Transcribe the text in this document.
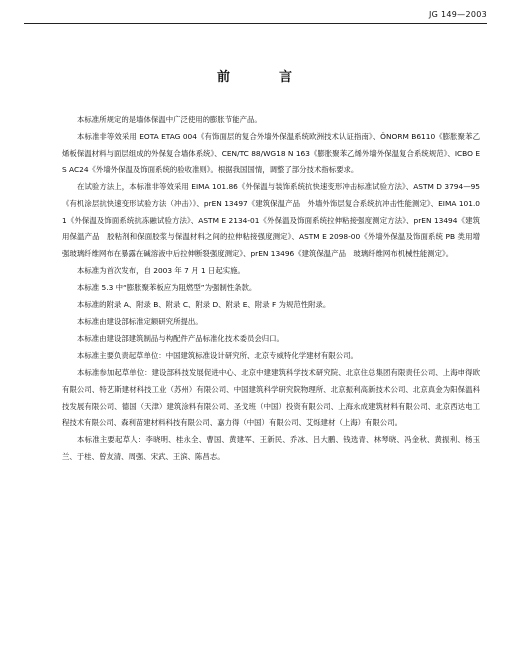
JG 149—2003
前　言

本标准所规定的是墙体保温中广泛使用的膨胀节能产品。

本标准非等效采用 EOTA ETAG 004《有饰面层的复合外墙外保温系统欧洲技术认证指南》、ÖNORM B6110《膨胀聚苯乙烯板保温材料与面层组成的外保复合墙体系统》、CEN/TC 88/WG18 N 163《膨胀聚苯乙烯外墙外保温复合系统规范》、ICBO ES AC24《外墙外保温及饰面系统的验收准则》。根据我国国情，调整了部分技术指标要求。

在试验方法上，本标准非等效采用 EIMA 101.86《外保温与装饰系统抗快速变形冲击标准试验方法》、ASTM D 3794—95《有机涂层抗快速变形试验方法（冲击）》、prEN 13497《建筑保温产品　外墙外饰层复合系统抗冲击性能测定》、EIMA 101.01《外保温及饰面系统抗冻融试验方法》、ASTM E 2134-01《外保温及饰面系统拉伸粘接强度测定方法》、prEN 13494《建筑用保温产品　胶粘剂和保面胶浆与保温材料之间的拉伸粘接强度测定》、ASTM E 2098-00《外墙外保温及饰面系统 PB 类用增强玻璃纤维网布在暴露在碱溶液中后拉伸断裂强度测定》、prEN 13496《建筑保温产品　玻璃纤维网布机械性能测定》。

本标准为首次发布，自 2003 年 7 月 1 日起实施。

本标准 5.3 中“膨胀聚苯板应为阻燃型”为强制性条款。

本标准的附录 A、附录 B、附录 C、附录 D、附录 E、附录 F 为规范性附录。

本标准由建设部标准定额研究所提出。

本标准由建设部建筑制品与构配件产品标准化技术委员会归口。

本标准主要负责起草单位：中国建筑标准设计研究所、北京专威特化学建材有限公司。

本标准参加起草单位：建设部科技发展促进中心、北京中建建筑科学技术研究院、北京住总集团有限责任公司、上海申得欧有限公司、特艺斯建材科技工业（苏州）有限公司、中国建筑科学研究院物理所、北京振利高新技术公司、北京真金为阳保温科技发展有限公司、德国（天津）建筑涂料有限公司、圣戈班（中国）投资有限公司、上海永成建筑材料有限公司、北京西达电工程技术有限公司、森利苗建材料科技有限公司、嘉力得（中国）有限公司、艾烁建材（上海）有限公司。

本标准主要起草人：李晓明、桂永全、曹国、黄建军、王新民、乔冰、吕大鹏、钱选青、林琴晓、冯金秋、黄振利、杨玉兰、于桂、曾友清、周强、宋武、王滨、陈昌志。
